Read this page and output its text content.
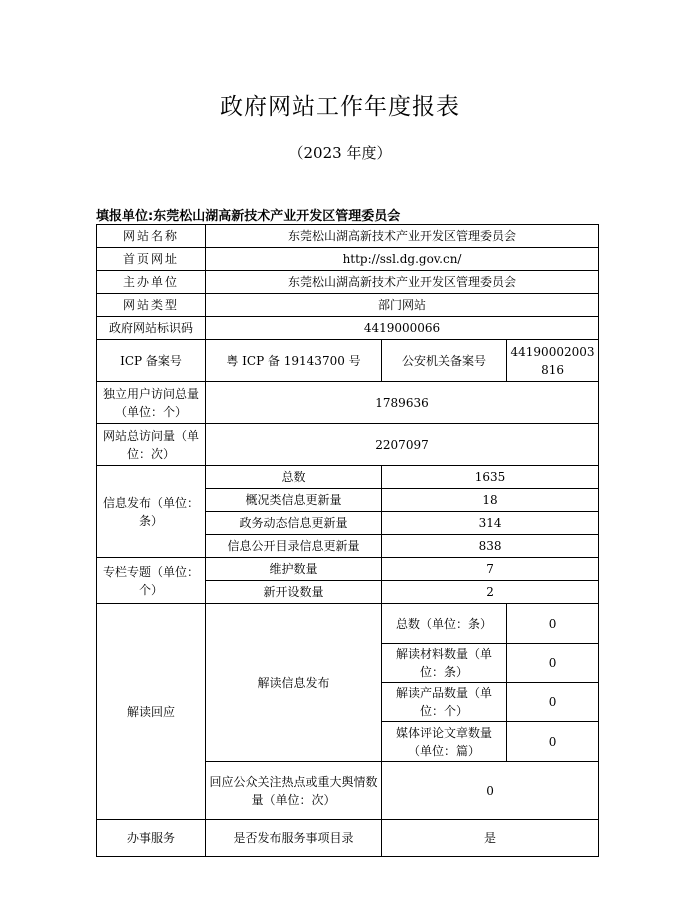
政府网站工作年度报表
（2023 年度）
填报单位:东莞松山湖高新技术产业开发区管理委员会
网站名称	东莞松山湖高新技术产业开发区管理委员会		
首页网址	http://ssl.dg.gov.cn/		
主办单位	东莞松山湖高新技术产业开发区管理委员会		
网站类型	部门网站		
政府网站标识码	4419000066		
ICP 备案号	粤 ICP 备 19143700 号	公安机关备案号	44190002003816
独立用户访问总量（单位：个）	1789636		
网站总访问量（单位：次）	2207097		
信息发布（单位：条）	总数	1635	
	概况类信息更新量	18	
	政务动态信息更新量	314	
	信息公开目录信息更新量	838	
专栏专题（单位：个）	维护数量	7	
	新开设数量	2	
解读回应	解读信息发布	总数（单位：条）	0
		解读材料数量（单位：条）	0
		解读产品数量（单位：个）	0
		媒体评论文章数量（单位：篇）	0
	回应公众关注热点或重大舆情数量（单位：次）	0	
办事服务	是否发布服务事项目录	是	
